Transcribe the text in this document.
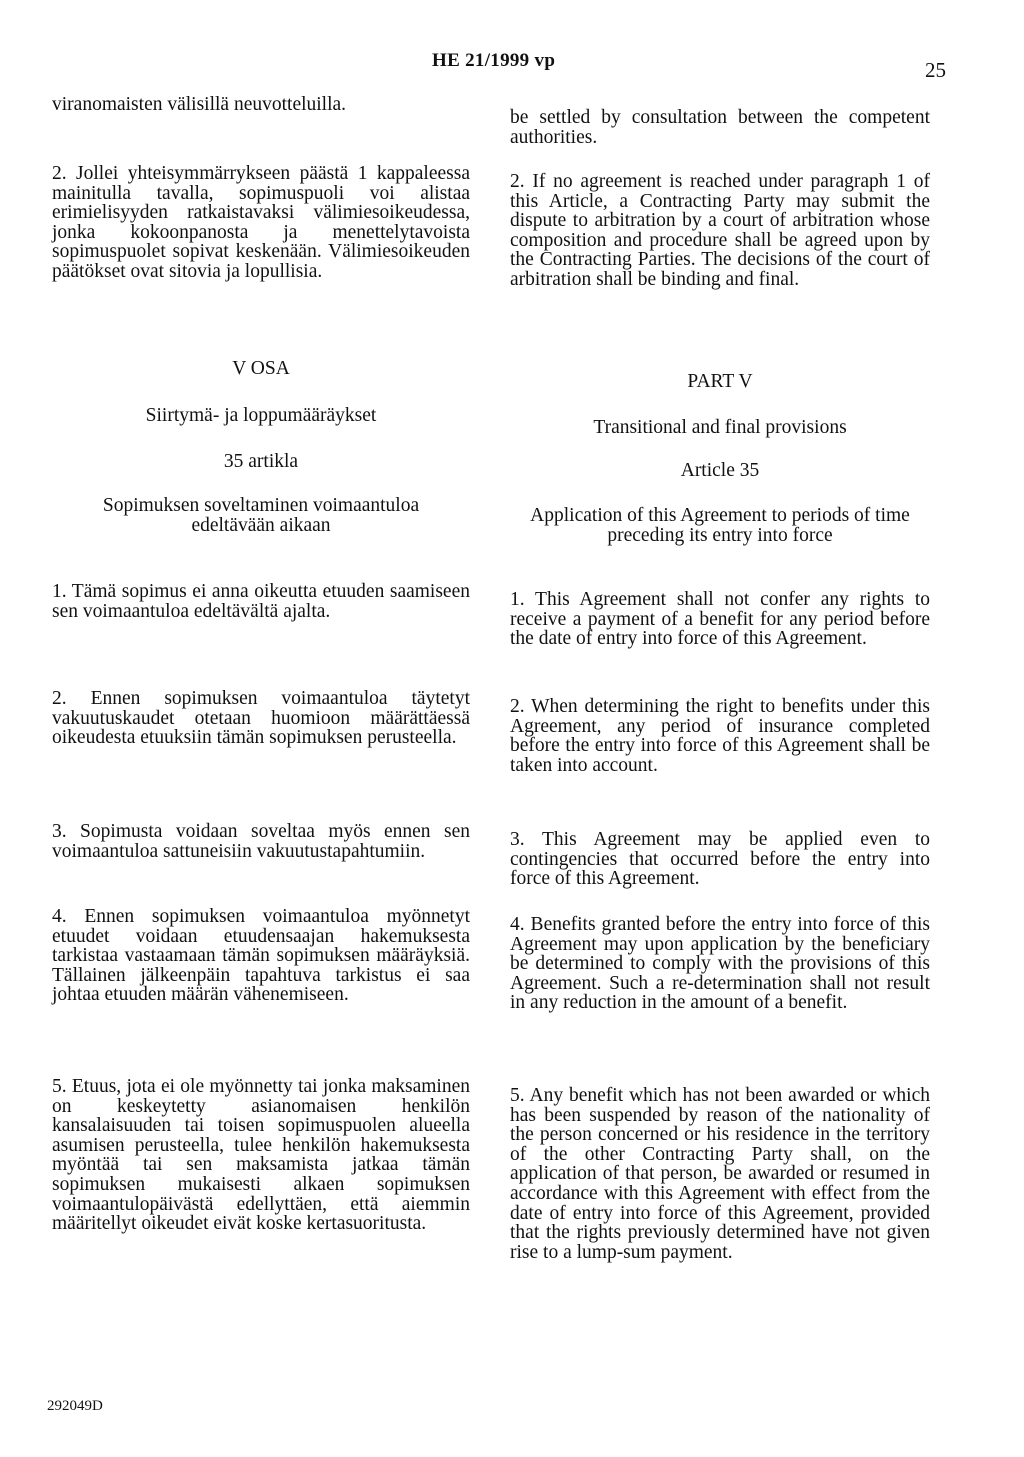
HE 21/1999 vp	25
viranomaisten välisillä neuvotteluilla.
2. Jollei yhteisymmärrykseen päästä 1 kappaleessa mainitulla tavalla, sopimuspuoli voi alistaa erimielisyyden ratkaistavaksi välimiesoikeudessa, jonka kokoonpanosta ja menettelytavoista sopimuspuolet sopivat keskenään. Välimiesoikeuden päätökset ovat sitovia ja lopullisia.
V OSA
Siirtymä- ja loppumääräykset
35 artikla
Sopimuksen soveltaminen voimaantuloa edeltävään aikaan
1. Tämä sopimus ei anna oikeutta etuuden saamiseen sen voimaantuloa edeltävältä ajalta.
2. Ennen sopimuksen voimaantuloa täytetyt vakuutuskaudet otetaan huomioon määrättäessä oikeudesta etuuksiin tämän sopimuksen perusteella.
3. Sopimusta voidaan soveltaa myös ennen sen voimaantuloa sattuneisiin vakuutustapahtumiin.
4. Ennen sopimuksen voimaantuloa myönnetyt etuudet voidaan etuudensaajan hakemuksesta tarkistaa vastaamaan tämän sopimuksen määräyksiä. Tällainen jälkeenpäin tapahtuva tarkistus ei saa johtaa etuuden määrän vähenemiseen.
5. Etuus, jota ei ole myönnetty tai jonka maksaminen on keskeytetty asianomaisen henkilön kansalaisuuden tai toisen sopimuspuolen alueella asumisen perusteella, tulee henkilön hakemuksesta myöntää tai sen maksamista jatkaa tämän sopimuksen mukaisesti alkaen sopimuksen voimaantulopäivästä edellyttäen, että aiemmin määritellyt oikeudet eivät koske kertasuoritusta.
be settled by consultation between the competent authorities.
2. If no agreement is reached under paragraph 1 of this Article, a Contracting Party may submit the dispute to arbitration by a court of arbitration whose composition and procedure shall be agreed upon by the Contracting Parties. The decisions of the court of arbitration shall be binding and final.
PART V
Transitional and final provisions
Article 35
Application of this Agreement to periods of time preceding its entry into force
1. This Agreement shall not confer any rights to receive a payment of a benefit for any period before the date of entry into force of this Agreement.
2. When determining the right to benefits under this Agreement, any period of insurance completed before the entry into force of this Agreement shall be taken into account.
3. This Agreement may be applied even to contingencies that occurred before the entry into force of this Agreement.
4. Benefits granted before the entry into force of this Agreement may upon application by the beneficiary be determined to comply with the provisions of this Agreement. Such a re-determination shall not result in any reduction in the amount of a benefit.
5. Any benefit which has not been awarded or which has been suspended by reason of the nationality of the person concerned or his residence in the territory of the other Contracting Party shall, on the application of that person, be awarded or resumed in accordance with this Agreement with effect from the date of entry into force of this Agreement, provided that the rights previously determined have not given rise to a lump-sum payment.
292049D
